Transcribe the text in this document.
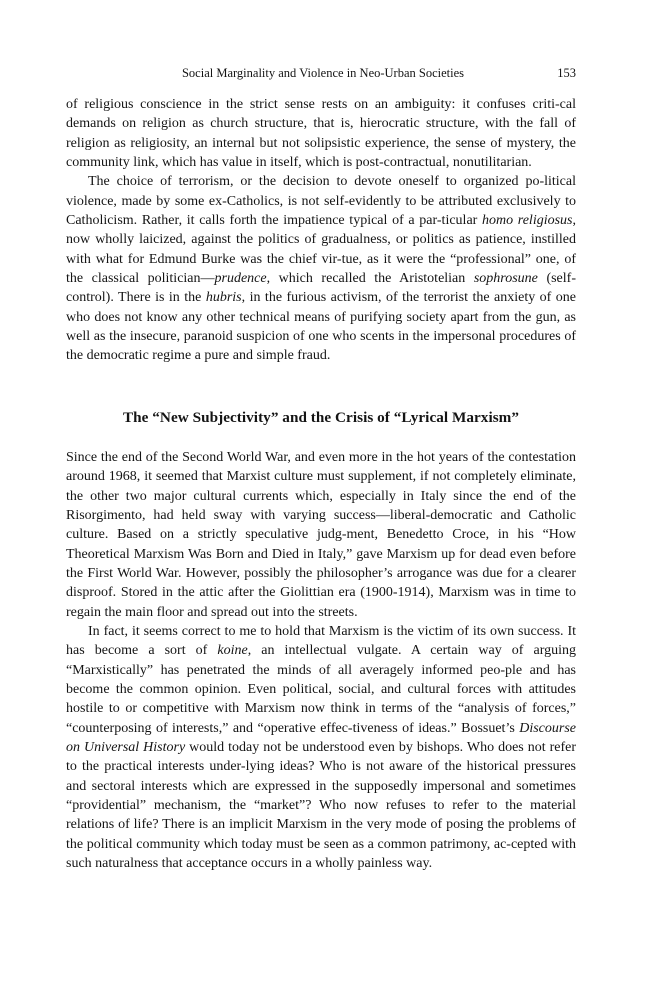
Social Marginality and Violence in Neo-Urban Societies	153

of religious conscience in the strict sense rests on an ambiguity: it confuses criti-cal demands on religion as church structure, that is, hierocratic structure, with the fall of religion as religiosity, an internal but not solipsistic experience, the sense of mystery, the community link, which has value in itself, which is post-contractual, nonutilitarian.

The choice of terrorism, or the decision to devote oneself to organized po-litical violence, made by some ex-Catholics, is not self-evidently to be attributed exclusively to Catholicism. Rather, it calls forth the impatience typical of a par-ticular homo religiosus, now wholly laicized, against the politics of gradualness, or politics as patience, instilled with what for Edmund Burke was the chief vir-tue, as it were the “professional” one, of the classical politician—prudence, which recalled the Aristotelian sophrosune (self-control). There is in the hubris, in the furious activism, of the terrorist the anxiety of one who does not know any other technical means of purifying society apart from the gun, as well as the insecure, paranoid suspicion of one who scents in the impersonal procedures of the democratic regime a pure and simple fraud.

The “New Subjectivity” and the Crisis of “Lyrical Marxism”

Since the end of the Second World War, and even more in the hot years of the contestation around 1968, it seemed that Marxist culture must supplement, if not completely eliminate, the other two major cultural currents which, especially in Italy since the end of the Risorgimento, had held sway with varying success—liberal-democratic and Catholic culture. Based on a strictly speculative judg-ment, Benedetto Croce, in his “How Theoretical Marxism Was Born and Died in Italy,” gave Marxism up for dead even before the First World War. However, possibly the philosopher’s arrogance was due for a clearer disproof. Stored in the attic after the Giolittian era (1900-1914), Marxism was in time to regain the main floor and spread out into the streets.

In fact, it seems correct to me to hold that Marxism is the victim of its own success. It has become a sort of koine, an intellectual vulgate. A certain way of arguing “Marxistically” has penetrated the minds of all averagely informed peo-ple and has become the common opinion. Even political, social, and cultural forces with attitudes hostile to or competitive with Marxism now think in terms of the “analysis of forces,” “counterposing of interests,” and “operative effec-tiveness of ideas.” Bossuet’s Discourse on Universal History would today not be understood even by bishops. Who does not refer to the practical interests under-lying ideas? Who is not aware of the historical pressures and sectoral interests which are expressed in the supposedly impersonal and sometimes “providential” mechanism, the “market”? Who now refuses to refer to the material relations of life? There is an implicit Marxism in the very mode of posing the problems of the political community which today must be seen as a common patrimony, ac-cepted with such naturalness that acceptance occurs in a wholly painless way.
